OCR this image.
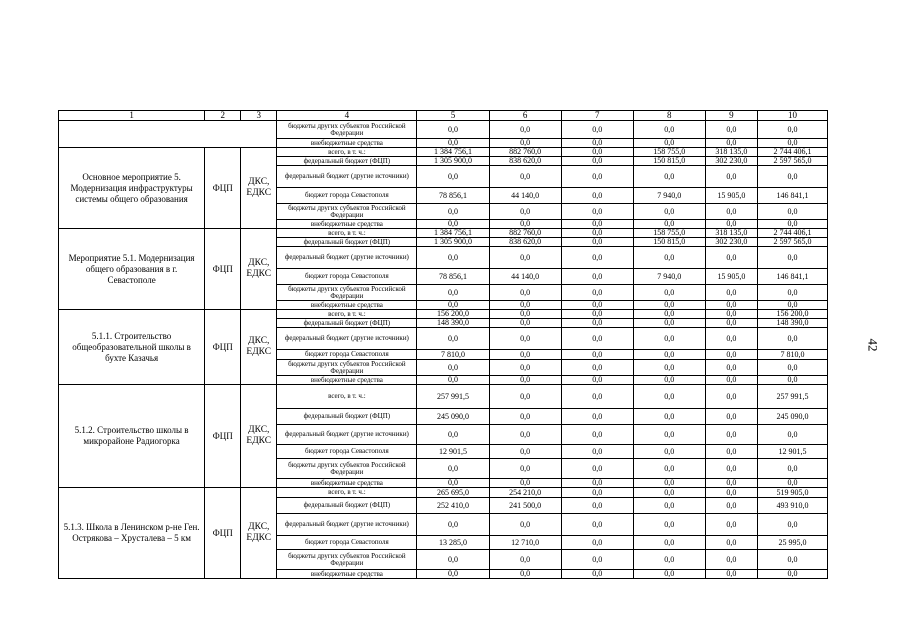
42
1	2	3	4	5	6	7	8	9	10
			бюджеты других субъектов Российской Федерации	0,0	0,0	0,0	0,0	0,0	0,0
			внебюджетные средства	0,0	0,0	0,0	0,0	0,0	0,0
Основное мероприятие 5. Модернизация инфраструктуры системы общего образования	ФЦП	ДКС, ЕДКС	всего, в т. ч.:	1 384 756,1	882 760,0	0,0	158 755,0	318 135,0	2 744 406,1
			федеральный бюджет (ФЦП)	1 305 900,0	838 620,0	0,0	150 815,0	302 230,0	2 597 565,0
			федеральный бюджет (другие источники)	0,0	0,0	0,0	0,0	0,0	0,0
			бюджет города Севастополя	78 856,1	44 140,0	0,0	7 940,0	15 905,0	146 841,1
			бюджеты других субъектов Российской Федерации	0,0	0,0	0,0	0,0	0,0	0,0
			внебюджетные средства	0,0	0,0	0,0	0,0	0,0	0,0
Мероприятие 5.1. Модернизация общего образования в г. Севастополе	ФЦП	ДКС, ЕДКС	всего, в т. ч.:	1 384 756,1	882 760,0	0,0	158 755,0	318 135,0	2 744 406,1
			федеральный бюджет (ФЦП)	1 305 900,0	838 620,0	0,0	150 815,0	302 230,0	2 597 565,0
			федеральный бюджет (другие источники)	0,0	0,0	0,0	0,0	0,0	0,0
			бюджет города Севастополя	78 856,1	44 140,0	0,0	7 940,0	15 905,0	146 841,1
			бюджеты других субъектов Российской Федерации	0,0	0,0	0,0	0,0	0,0	0,0
			внебюджетные средства	0,0	0,0	0,0	0,0	0,0	0,0
5.1.1. Строительство общеобразовательной школы в бухте Казачья	ФЦП	ДКС, ЕДКС	всего, в т. ч.:	156 200,0	0,0	0,0	0,0	0,0	156 200,0
			федеральный бюджет (ФЦП)	148 390,0	0,0	0,0	0,0	0,0	148 390,0
			федеральный бюджет (другие источники)	0,0	0,0	0,0	0,0	0,0	0,0
			бюджет города Севастополя	7 810,0	0,0	0,0	0,0	0,0	7 810,0
			бюджеты других субъектов Российской Федерации	0,0	0,0	0,0	0,0	0,0	0,0
			внебюджетные средства	0,0	0,0	0,0	0,0	0,0	0,0
5.1.2. Строительство школы в микрорайоне Радиогорка	ФЦП	ДКС, ЕДКС	всего, в т. ч.:	257 991,5	0,0	0,0	0,0	0,0	257 991,5
			федеральный бюджет (ФЦП)	245 090,0	0,0	0,0	0,0	0,0	245 090,0
			федеральный бюджет (другие источники)	0,0	0,0	0,0	0,0	0,0	0,0
			бюджет города Севастополя	12 901,5	0,0	0,0	0,0	0,0	12 901,5
			бюджеты других субъектов Российской Федерации	0,0	0,0	0,0	0,0	0,0	0,0
			внебюджетные средства	0,0	0,0	0,0	0,0	0,0	0,0
5.1.3. Школа в Ленинском р-не Ген. Острякова – Хрусталева – 5 км	ФЦП	ДКС, ЕДКС	всего, в т. ч.:	265 695,0	254 210,0	0,0	0,0	0,0	519 905,0
			федеральный бюджет (ФЦП)	252 410,0	241 500,0	0,0	0,0	0,0	493 910,0
			федеральный бюджет (другие источники)	0,0	0,0	0,0	0,0	0,0	0,0
			бюджет города Севастополя	13 285,0	12 710,0	0,0	0,0	0,0	25 995,0
			бюджеты других субъектов Российской Федерации	0,0	0,0	0,0	0,0	0,0	0,0
			внебюджетные средства	0,0	0,0	0,0	0,0	0,0	0,0
